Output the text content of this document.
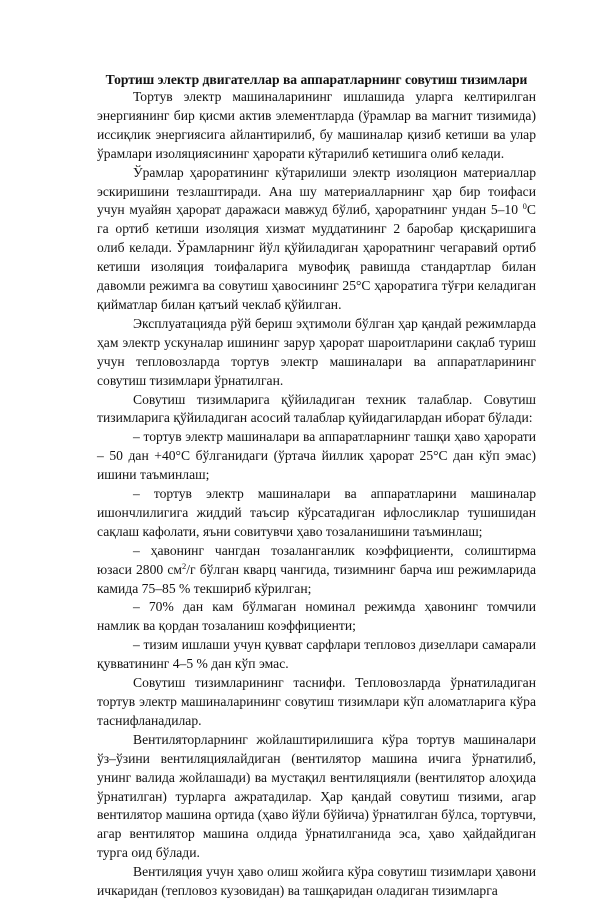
Тортиш электр двигателлар ва аппаратларнинг совутиш тизимлари

Тортув электр машиналарининг ишлашида уларга келтирилган энергиянинг бир қисми актив элементларда (ўрамлар ва магнит тизимида) иссиқлик энергиясига айлантирилиб, бу машиналар қизиб кетиши ва улар ўрамлари изоляциясининг ҳарорати кўтарилиб кетишига олиб келади.

Ўрамлар ҳароратининг кўтарилиши электр изоляцион материаллар эскиришини тезлаштиради. Ана шу материалларнинг ҳар бир тоифаси учун муайян ҳарорат даражаси мавжуд бўлиб, ҳароратнинг ундан 5–10 $^0$С га ортиб кетиши изоляция хизмат муддатининг 2 баробар қисқаришига олиб келади. Ўрамларнинг йўл қўйиладиган ҳароратнинг чегаравий ортиб кетиши изоляция тоифаларига мувофиқ равишда стандартлар билан давомли режимга ва совутиш ҳавосининг 25°С ҳароратига тўғри келадиган қийматлар билан қатъий чеклаб қўйилган.

Эксплуатацияда рўй бериш эҳтимоли бўлган ҳар қандай режимларда ҳам электр ускуналар ишининг зарур ҳарорат шароитларини сақлаб туриш учун тепловозларда тортув электр машиналари ва аппаратларининг совутиш тизимлари ўрнатилган.

Совутиш тизимларига қўйиладиган техник талаблар. Совутиш тизимларига қўйиладиган асосий талаблар қуйидагилардан иборат бўлади:

– тортув электр машиналари ва аппаратларнинг ташқи ҳаво ҳарорати – 50 дан +40°С бўлганидаги (ўртача йиллик ҳарорат 25°С дан кўп эмас) ишини таъминлаш;

– тортув электр машиналари ва аппаратларини машиналар ишончлилигига жиддий таъсир кўрсатадиган ифлосликлар тушишидан сақлаш кафолати, яъни совитувчи ҳаво тозаланишини таъминлаш;

– ҳавонинг чангдан тозаланганлик коэффициенти, солиштирма юзаси 2800 $см^2/г$ бўлган кварц чангида, тизимнинг барча иш режимларида камида 75–85 % текшириб кўрилган;

– 70% дан кам бўлмаган номинал режимда ҳавонинг томчили намлик ва қордан тозаланиш коэффициенти;

– тизим ишлаши учун қувват сарфлари тепловоз дизеллари самарали қувватининг 4–5 % дан кўп эмас.

Совутиш тизимларининг таснифи. Тепловозларда ўрнатиладиган тортув электр машиналарининг совутиш тизимлари кўп аломатларига кўра таснифланадилар.

Вентиляторларнинг жойлаштирилишига кўра тортув машиналари ўз–ўзини вентиляциялайдиган (вентилятор машина ичига ўрнатилиб, унинг валида жойлашади) ва мустақил вентиляцияли (вентилятор алоҳида ўрнатилган) турларга ажратадилар. Ҳар қандай совутиш тизими, агар вентилятор машина ортида (ҳаво йўли бўйича) ўрнатилган бўлса, тортувчи, агар вентилятор машина олдида ўрнатилганида эса, ҳаво ҳайдайдиган турга оид бўлади.

Вентиляция учун ҳаво олиш жойига кўра совутиш тизимлари ҳавони ичкаридан (тепловоз кузовидан) ва ташқаридан оладиган тизимларга
